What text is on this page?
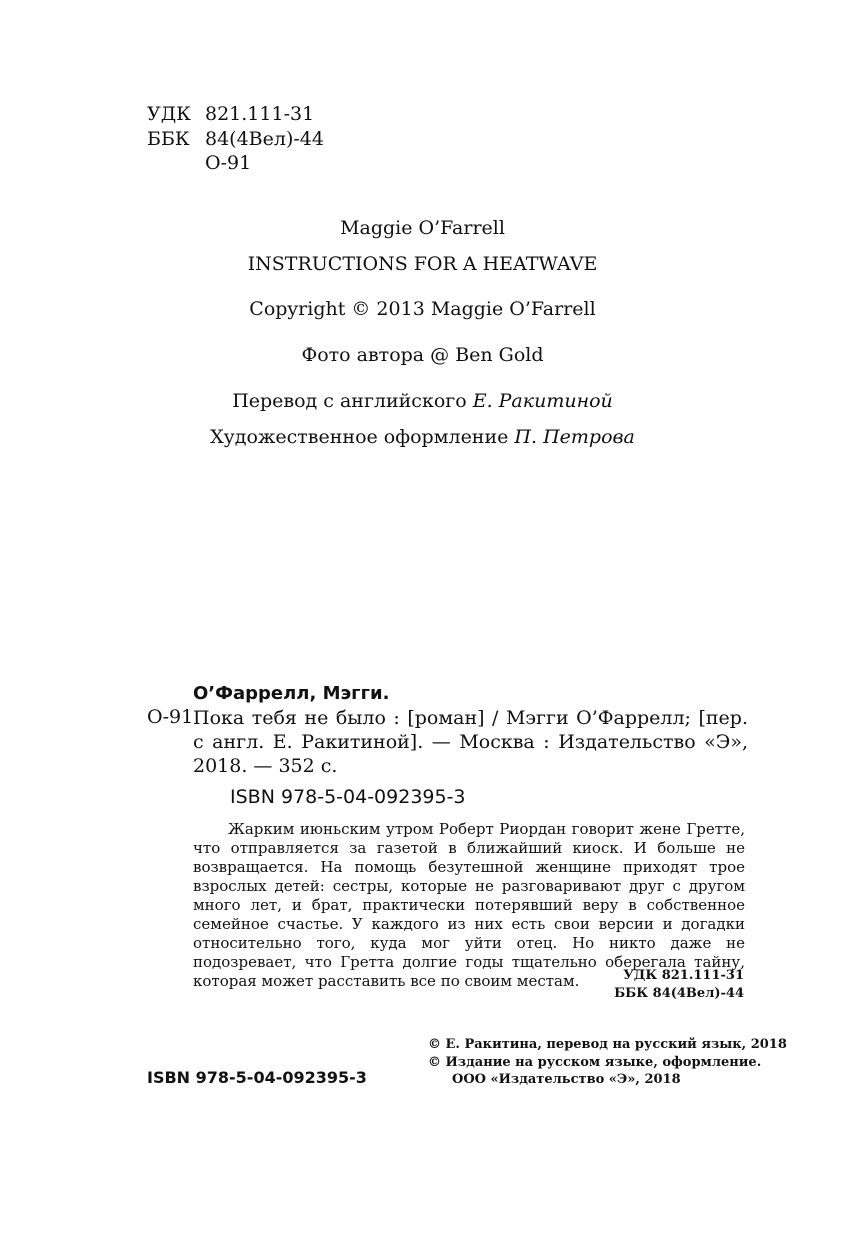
УДК 821.111-31
ББК 84(4Вел)-44
О-91
Maggie O’Farrell
INSTRUCTIONS FOR A HEATWAVE
Copyright © 2013 Maggie O’Farrell
Фото автора @ Ben Gold
Перевод с английского Е. Ракитиной
Художественное оформление П. Петрова
О’Фаррелл, Мэгги.
О-91 Пока тебя не было : [роман] / Мэгги О’Фаррелл; [пер. с англ. Е. Ракитиной]. — Москва : Издательство «Э», 2018. — 352 с.
ISBN 978-5-04-092395-3
Жарким июньским утром Роберт Риордан говорит жене Гретте, что отправляется за газетой в ближайший киоск. И больше не возвращается. На помощь безутешной женщине приходят трое взрослых детей: сестры, которые не разговаривают друг с другом много лет, и брат, практически потерявший веру в собственное семейное счастье. У каждого из них есть свои версии и догадки относительно того, куда мог уйти отец. Но никто даже не подозревает, что Гретта долгие годы тщательно оберегала тайну, которая может расставить все по своим местам.	УДК 821.111-31
ББК 84(4Вел)-44
ISBN 978-5-04-092395-3
© Е. Ракитина, перевод на русский язык, 2018
© Издание на русском языке, оформление.
ООО «Издательство «Э», 2018
